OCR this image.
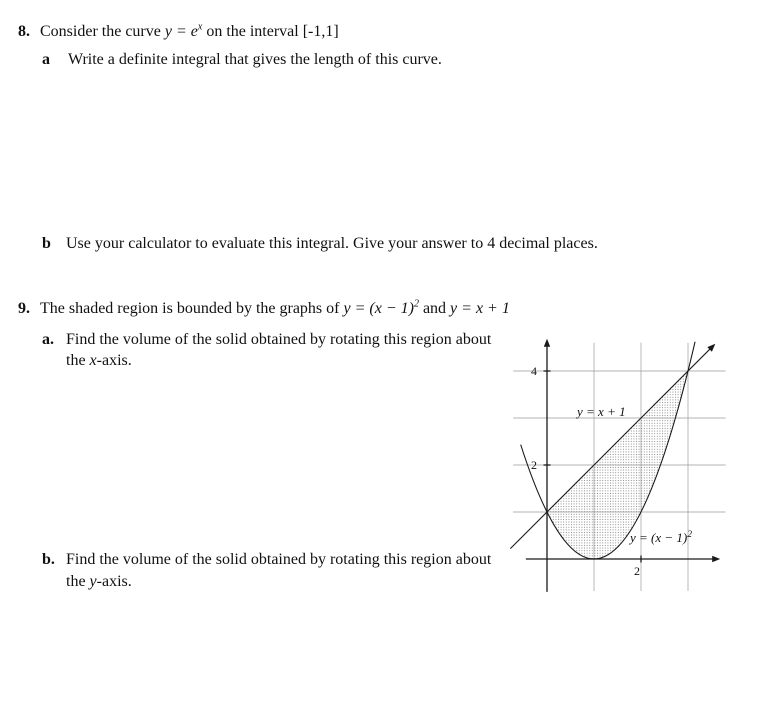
8. Consider the curve $y = e^x$ on the interval [-1,1]
a Write a definite integral that gives the length of this curve.
b Use your calculator to evaluate this integral. Give your answer to 4 decimal places.
9. The shaded region is bounded by the graphs of $y = (x - 1)^2$ and y = x + 1
a. Find the volume of the solid obtained by rotating this region about
the x-axis.
b. Find the volume of the solid obtained by rotating this region about
the y-axis.
4
2
2
y = x + 1
$y = (x - 1)^2$
